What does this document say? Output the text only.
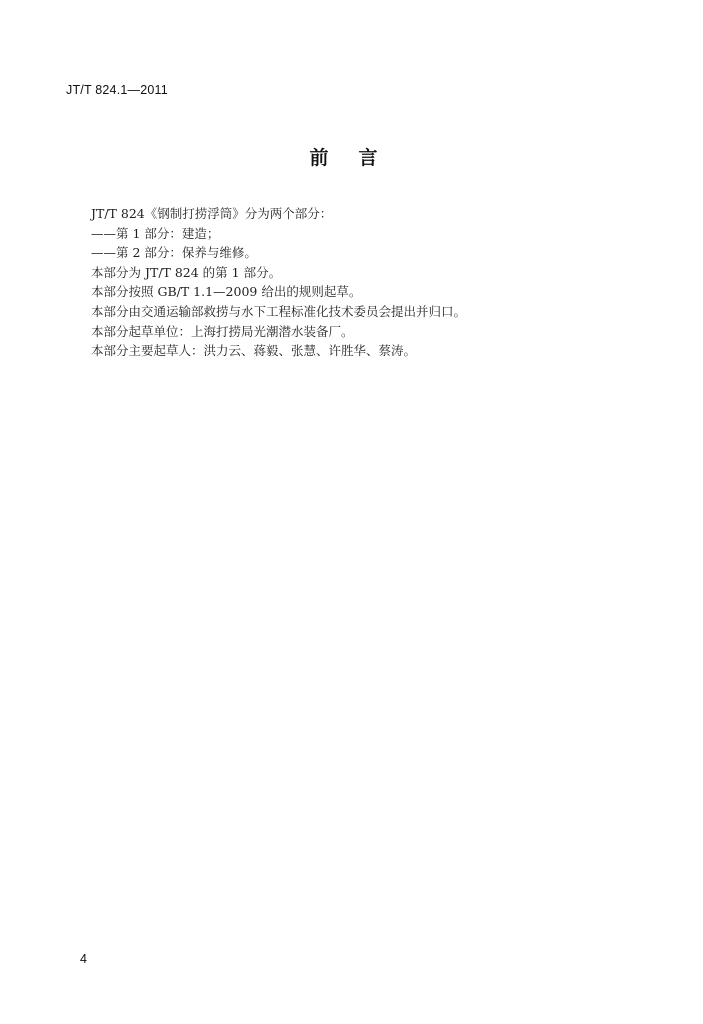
JT/T 824.1—2011
前言
JT/T 824《钢制打捞浮筒》分为两个部分：
——第 1 部分：建造；
——第 2 部分：保养与维修。
本部分为 JT/T 824 的第 1 部分。
本部分按照 GB/T 1.1—2009 给出的规则起草。
本部分由交通运输部救捞与水下工程标准化技术委员会提出并归口。
本部分起草单位：上海打捞局光潮潜水装备厂。
本部分主要起草人：洪力云、蒋毅、张慧、许胜华、蔡涛。
4
